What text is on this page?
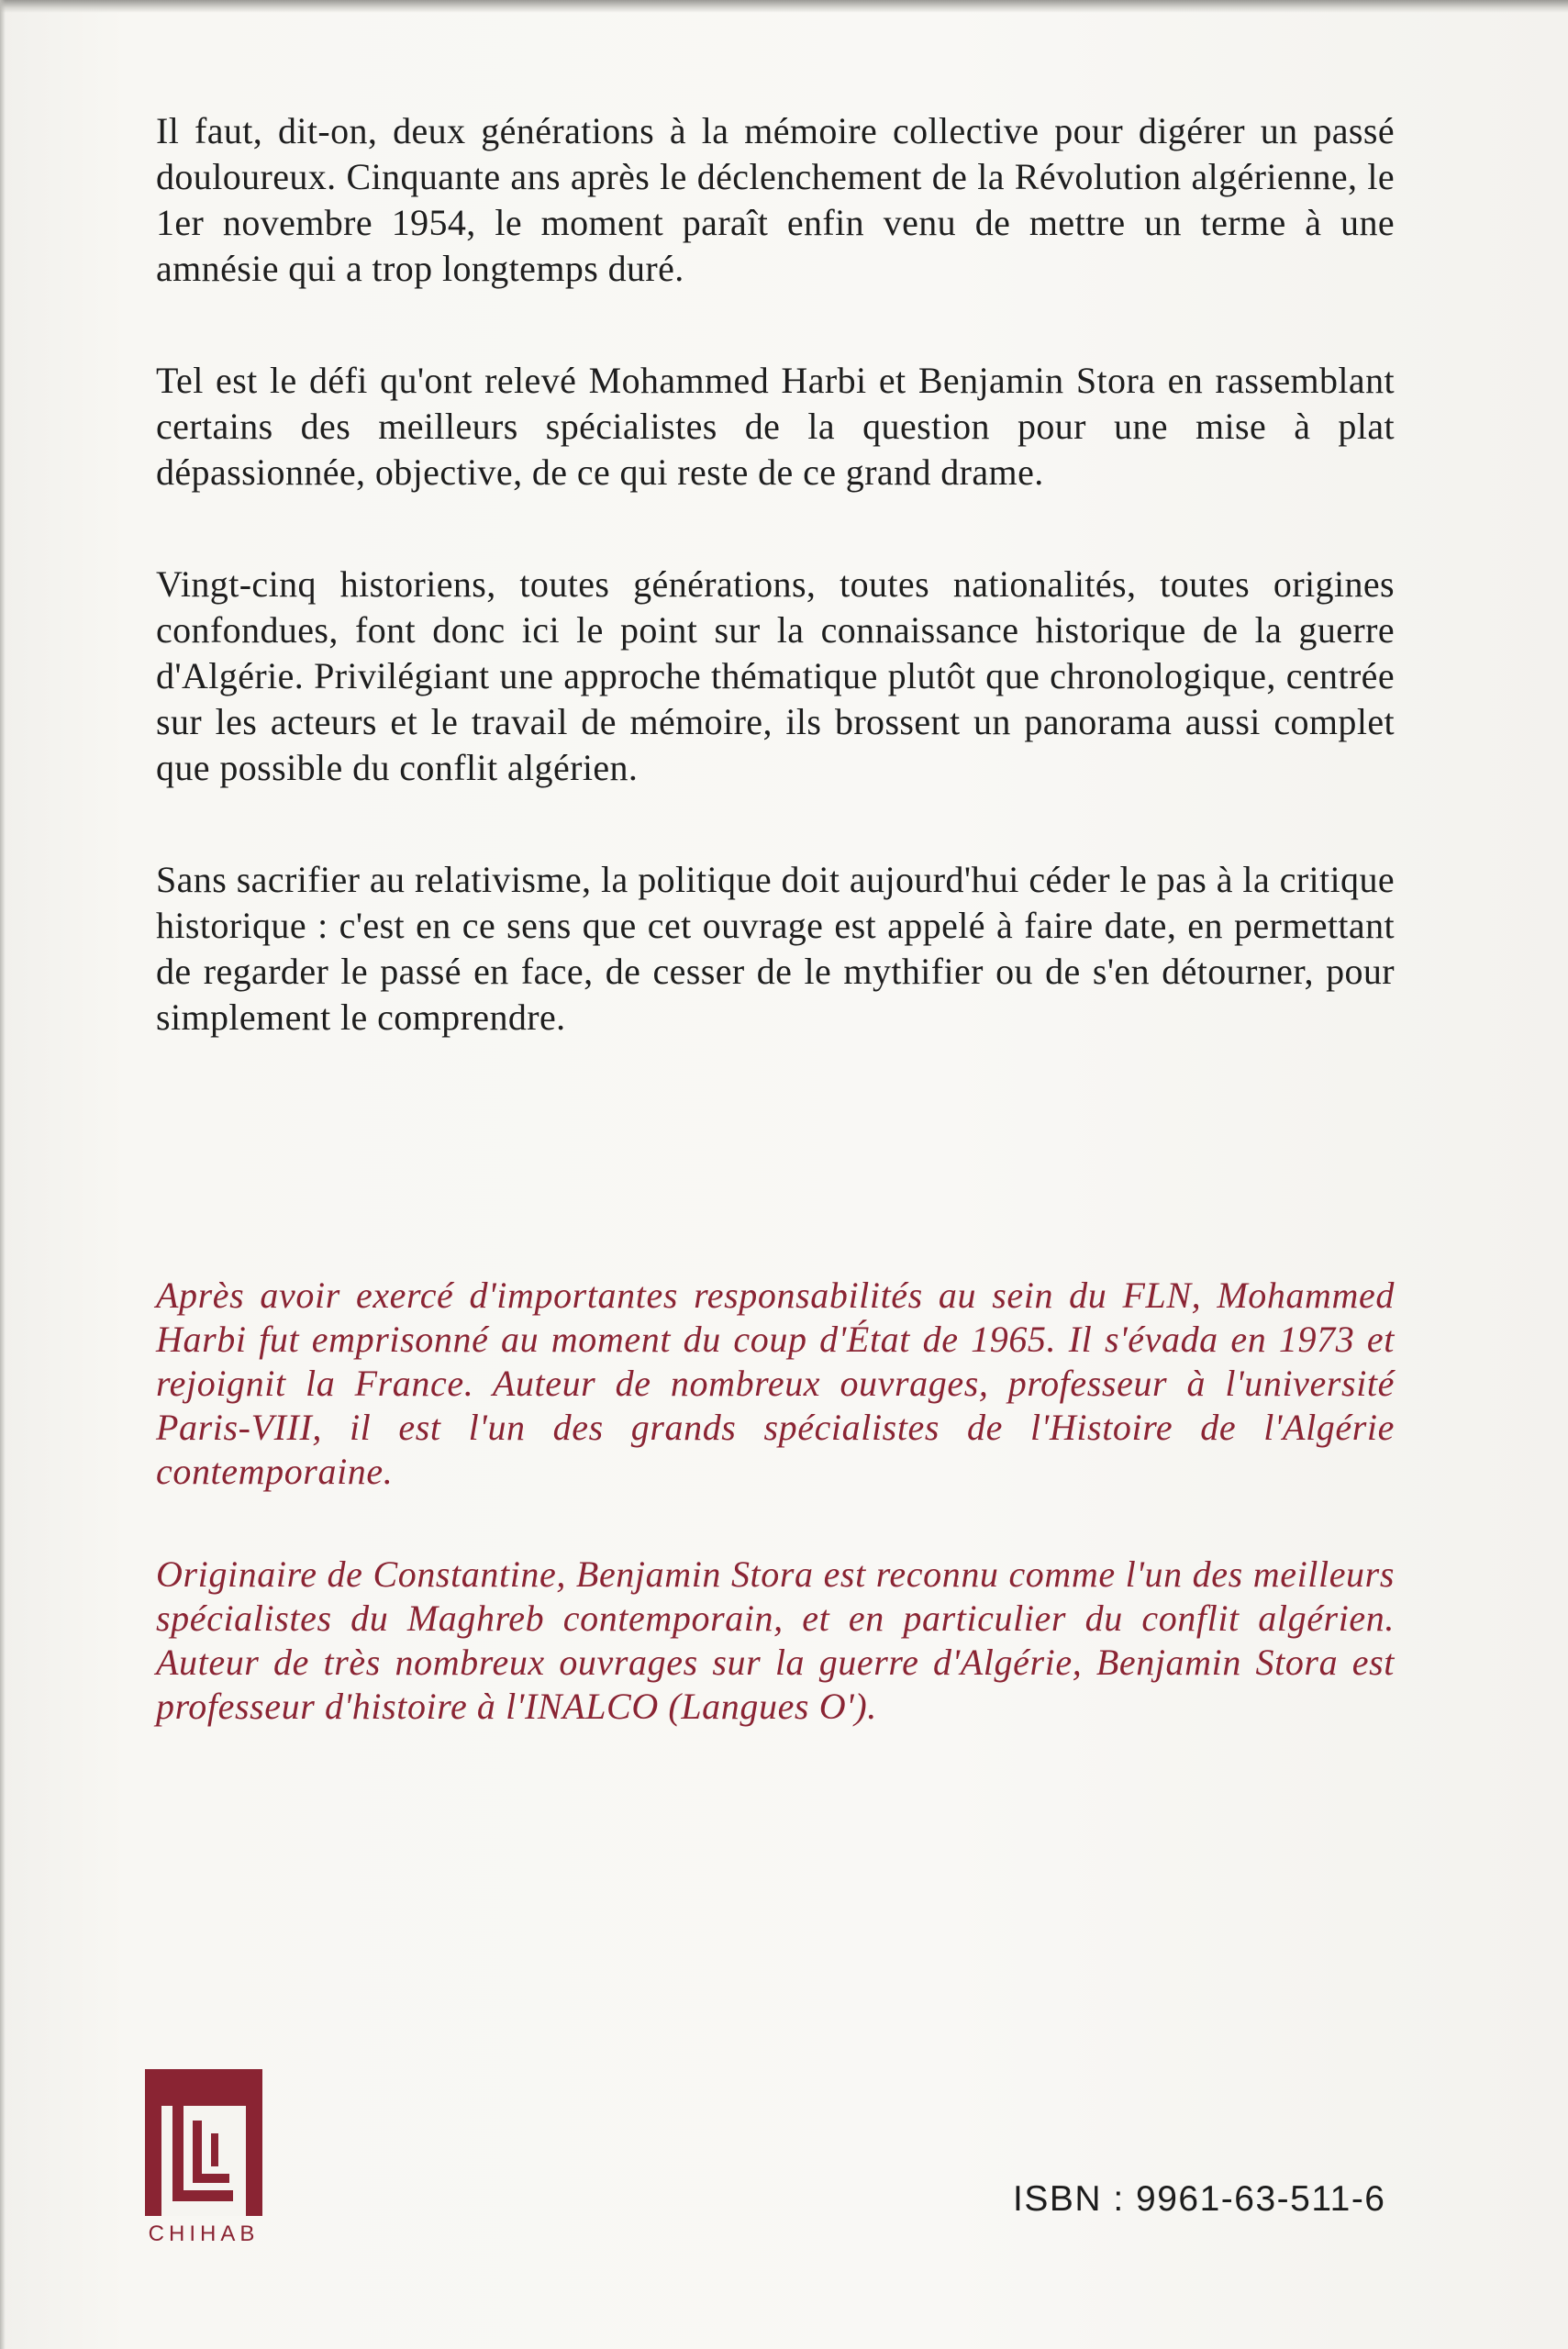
Il faut, dit-on, deux générations à la mémoire collective pour digérer un passé douloureux. Cinquante ans après le déclenchement de la Révolution algérienne, le 1er novembre 1954, le moment paraît enfin venu de mettre un terme à une amnésie qui a trop longtemps duré.

Tel est le défi qu'ont relevé Mohammed Harbi et Benjamin Stora en rassemblant certains des meilleurs spécialistes de la question pour une mise à plat dépassionnée, objective, de ce qui reste de ce grand drame.

Vingt-cinq historiens, toutes générations, toutes nationalités, toutes origines confondues, font donc ici le point sur la connaissance historique de la guerre d'Algérie. Privilégiant une approche thématique plutôt que chronologique, centrée sur les acteurs et le travail de mémoire, ils brossent un panorama aussi complet que possible du conflit algérien.

Sans sacrifier au relativisme, la politique doit aujourd'hui céder le pas à la critique historique : c'est en ce sens que cet ouvrage est appelé à faire date, en permettant de regarder le passé en face, de cesser de le mythifier ou de s'en détourner, pour simplement le comprendre.

Après avoir exercé d'importantes responsabilités au sein du FLN, Mohammed Harbi fut emprisonné au moment du coup d'État de 1965. Il s'évada en 1973 et rejoignit la France. Auteur de nombreux ouvrages, professeur à l'université Paris-VIII, il est l'un des grands spécialistes de l'Histoire de l'Algérie contemporaine.

Originaire de Constantine, Benjamin Stora est reconnu comme l'un des meilleurs spécialistes du Maghreb contemporain, et en particulier du conflit algérien. Auteur de très nombreux ouvrages sur la guerre d'Algérie, Benjamin Stora est professeur d'histoire à l'INALCO (Langues O').

CHIHAB
ISBN : 9961-63-511-6
